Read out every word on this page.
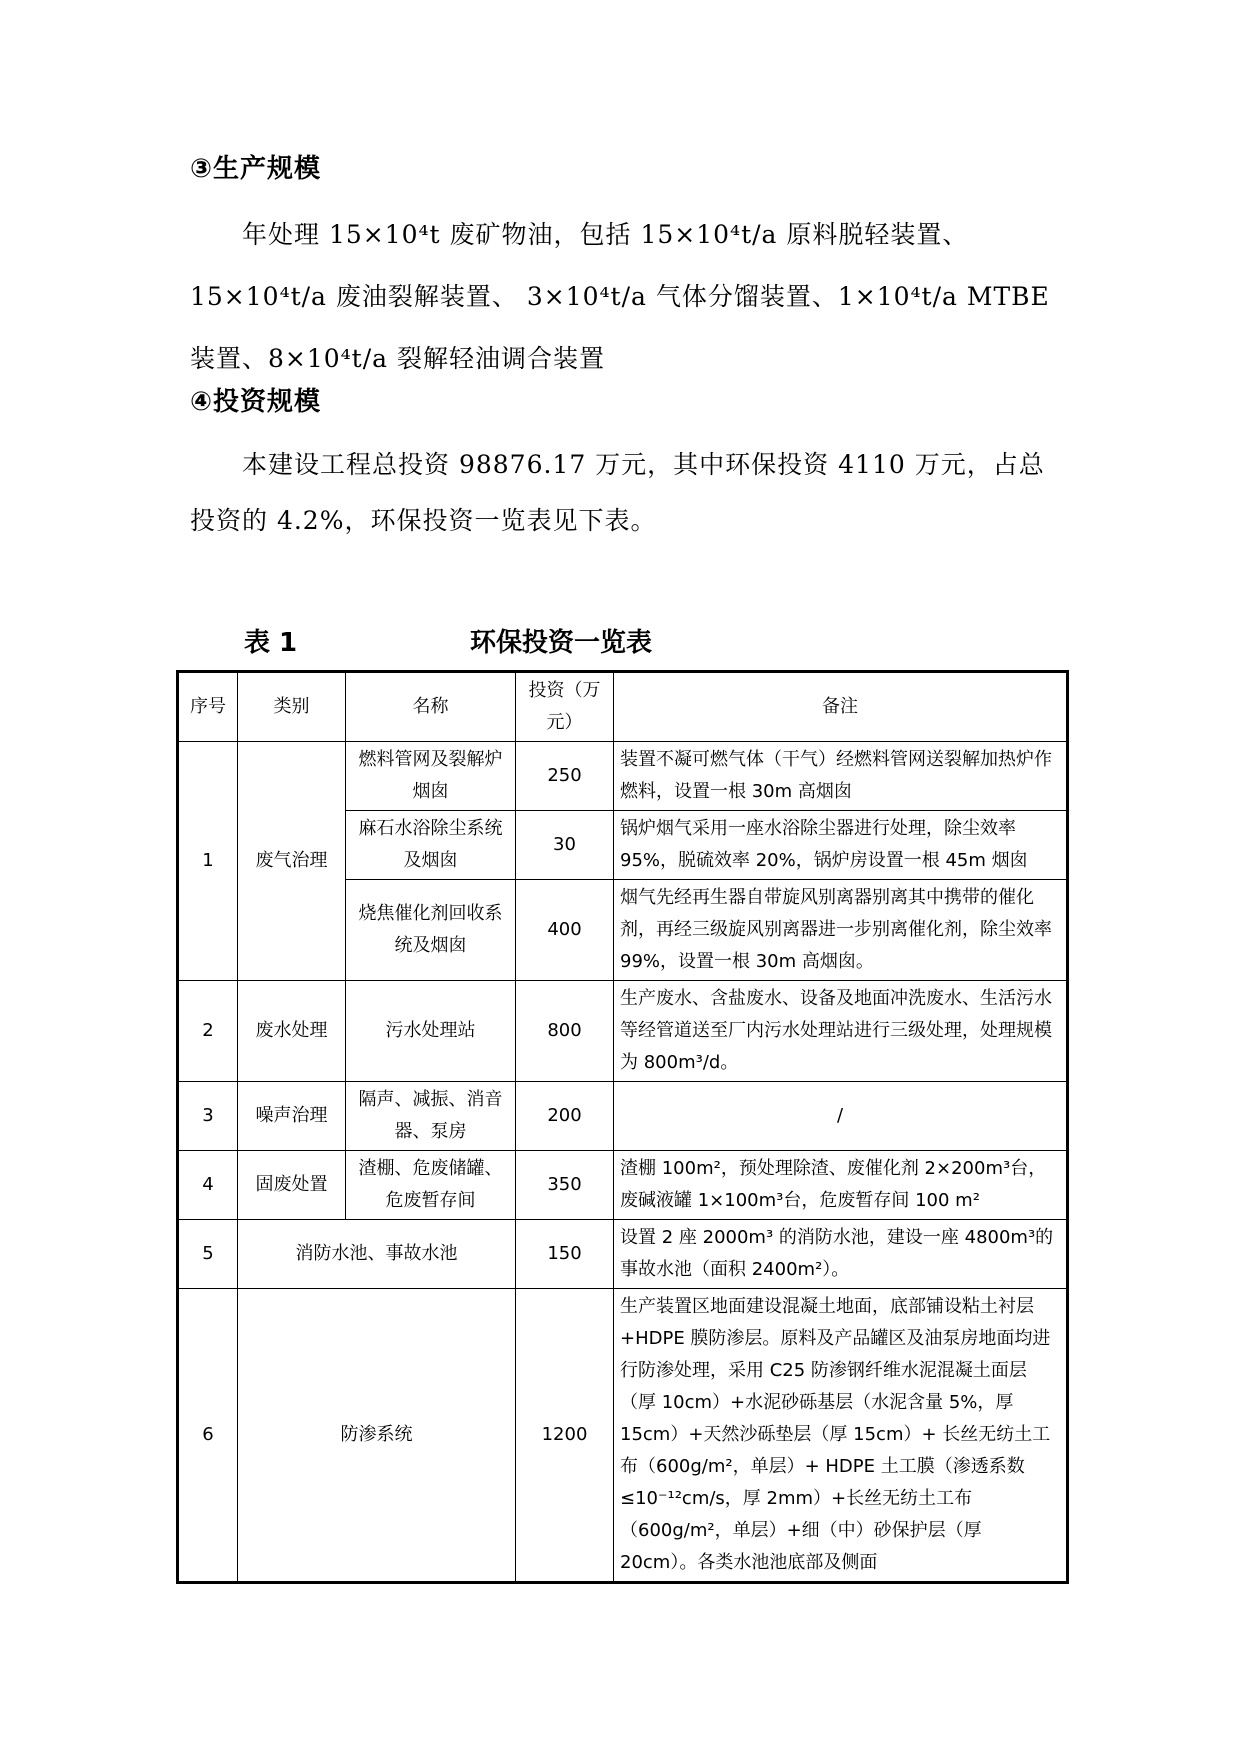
③生产规模
年处理 15×10⁴t 废矿物油，包括 15×10⁴t/a 原料脱轻装置、15×10⁴t/a 废油裂解装置、 3×10⁴t/a 气体分馏装置、1×10⁴t/a MTBE 装置、8×10⁴t/a 裂解轻油调合装置
④投资规模
本建设工程总投资 98876.17 万元，其中环保投资 4110 万元，占总投资的 4.2%，环保投资一览表见下表。
表 1	环保投资一览表
序号	类别	名称	投资（万元）	备注
1	废气治理	燃料管网及裂解炉烟囱	250	装置不凝可燃气体（干气）经燃料管网送裂解加热炉作燃料，设置一根 30m 高烟囱
		麻石水浴除尘系统及烟囱	30	锅炉烟气采用一座水浴除尘器进行处理，除尘效率 95%，脱硫效率 20%，锅炉房设置一根 45m 烟囱
		烧焦催化剂回收系统及烟囱	400	烟气先经再生器自带旋风别离器别离其中携带的催化剂，再经三级旋风别离器进一步别离催化剂，除尘效率 99%，设置一根 30m 高烟囱。
2	废水处理	污水处理站	800	生产废水、含盐废水、设备及地面冲洗废水、生活污水等经管道送至厂内污水处理站进行三级处理，处理规模为 800m³/d。
3	噪声治理	隔声、减振、消音器、泵房	200	/
4	固废处置	渣棚、危废储罐、危废暂存间	350	渣棚 100m²，预处理除渣、废催化剂 2×200m³台，废碱液罐 1×100m³台，危废暂存间 100 m²
5	消防水池、事故水池		150	设置 2 座 2000m³ 的消防水池，建设一座 4800m³的事故水池（面积 2400m²）。
6	防渗系统		1200	生产装置区地面建设混凝土地面，底部铺设粘土衬层+HDPE 膜防渗层。原料及产品罐区及油泵房地面均进行防渗处理，采用 C25 防渗钢纤维水泥混凝土面层（厚 10cm）+水泥砂砾基层（水泥含量 5%，厚 15cm）+天然沙砾垫层（厚 15cm）+ 长丝无纺土工布（600g/m²，单层）+ HDPE 土工膜（渗透系数≤10⁻¹²cm/s，厚 2mm）+长丝无纺土工布（600g/m²，单层）+细（中）砂保护层（厚 20cm）。各类水池池底部及侧面
